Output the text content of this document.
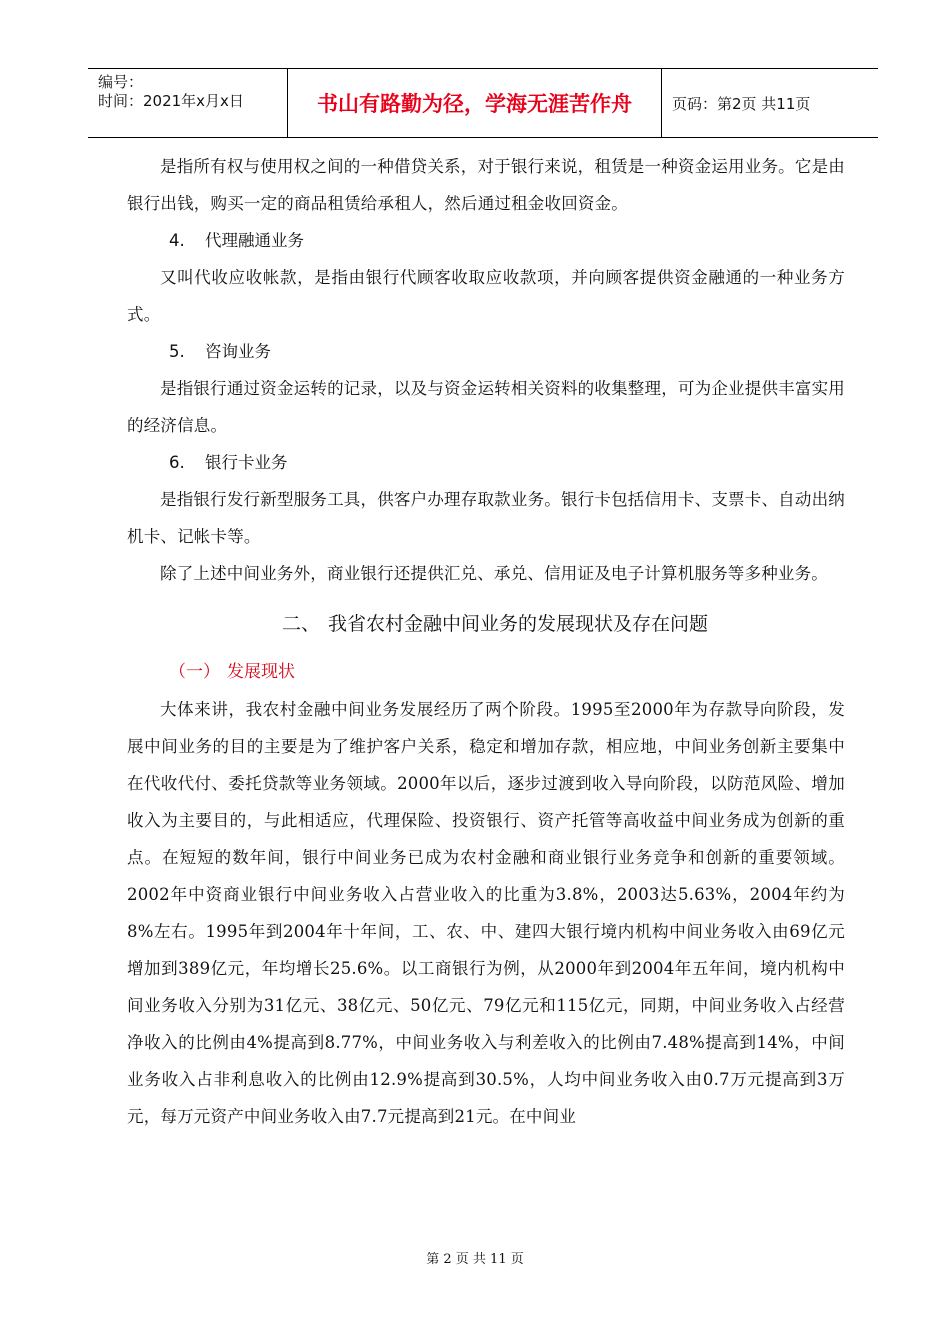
编号：
时间：2021年x月x日	书山有路勤为径，学海无涯苦作舟	页码：第2页 共11页

是指所有权与使用权之间的一种借贷关系，对于银行来说，租赁是一种资金运用业务。它是由银行出钱，购买一定的商品租赁给承租人，然后通过租金收回资金。

4. 代理融通业务

又叫代收应收帐款，是指由银行代顾客收取应收款项，并向顾客提供资金融通的一种业务方式。

5. 咨询业务

是指银行通过资金运转的记录，以及与资金运转相关资料的收集整理，可为企业提供丰富实用的经济信息。

6. 银行卡业务

是指银行发行新型服务工具，供客户办理存取款业务。银行卡包括信用卡、支票卡、自动出纳机卡、记帐卡等。

除了上述中间业务外，商业银行还提供汇兑、承兑、信用证及电子计算机服务等多种业务。

二、 我省农村金融中间业务的发展现状及存在问题
（一） 发展现状

大体来讲，我农村金融中间业务发展经历了两个阶段。1995至2000年为存款导向阶段，发展中间业务的目的主要是为了维护客户关系，稳定和增加存款，相应地，中间业务创新主要集中在代收代付、委托贷款等业务领域。2000年以后，逐步过渡到收入导向阶段，以防范风险、增加收入为主要目的，与此相适应，代理保险、投资银行、资产托管等高收益中间业务成为创新的重点。在短短的数年间，银行中间业务已成为农村金融和商业银行业务竞争和创新的重要领域。2002年中资商业银行中间业务收入占营业收入的比重为3.8%，2003达5.63%，2004年约为8%左右。1995年到2004年十年间，工、农、中、建四大银行境内机构中间业务收入由69亿元增加到389亿元，年均增长25.6%。以工商银行为例，从2000年到2004年五年间，境内机构中间业务收入分别为31亿元、38亿元、50亿元、79亿元和115亿元，同期，中间业务收入占经营净收入的比例由4%提高到8.77%，中间业务收入与利差收入的比例由7.48%提高到14%，中间业务收入占非利息收入的比例由12.9%提高到30.5%，人均中间业务收入由0.7万元提高到3万元，每万元资产中间业务收入由7.7元提高到21元。在中间业

第 2 页 共 11 页
